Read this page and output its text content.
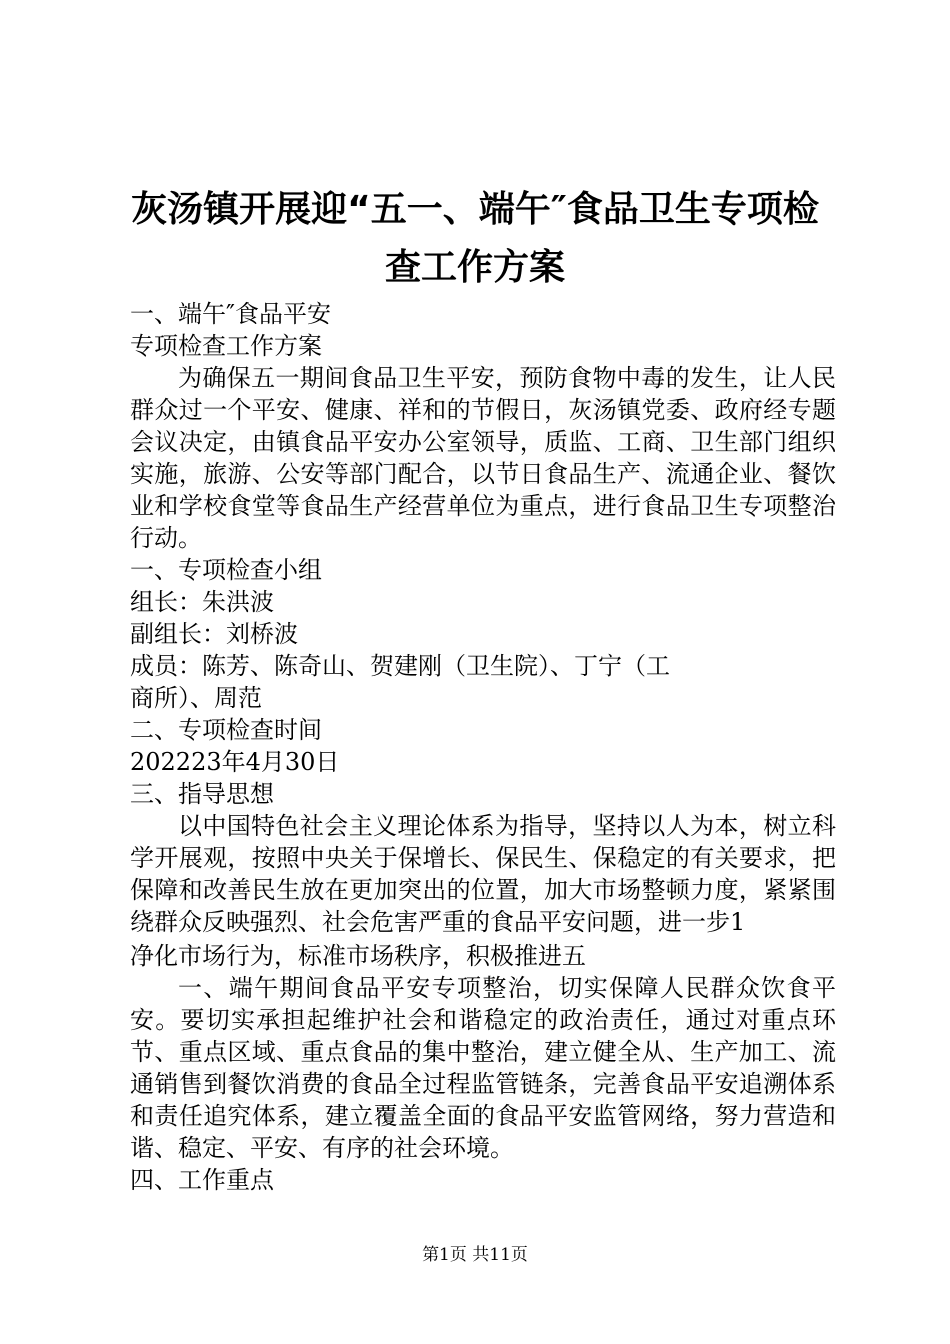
灰汤镇开展迎“五一、端午″食品卫生专项检
查工作方案

一、端午″食品平安

专项检查工作方案

为确保五一期间食品卫生平安，预防食物中毒的发生，让人民群众过一个平安、健康、祥和的节假日，灰汤镇党委、政府经专题会议决定，由镇食品平安办公室领导，质监、工商、卫生部门组织实施，旅游、公安等部门配合，以节日食品生产、流通企业、餐饮业和学校食堂等食品生产经营单位为重点，进行食品卫生专项整治行动。

一、专项检查小组

组长：朱洪波

副组长：刘桥波

成员：陈芳、陈奇山、贺建刚（卫生院）、丁宁（工

商所）、周范

二、专项检查时间

202223年4月30日

三、指导思想

以中国特色社会主义理论体系为指导，坚持以人为本，树立科学开展观，按照中央关于保增长、保民生、保稳定的有关要求，把保障和改善民生放在更加突出的位置，加大市场整顿力度，紧紧围绕群众反映强烈、社会危害严重的食品平安问题，进一步1

净化市场行为，标准市场秩序，积极推进五

一、端午期间食品平安专项整治，切实保障人民群众饮食平安。要切实承担起维护社会和谐稳定的政治责任，通过对重点环节、重点区域、重点食品的集中整治，建立健全从、生产加工、流通销售到餐饮消费的食品全过程监管链条，完善食品平安追溯体系和责任追究体系，建立覆盖全面的食品平安监管网络，努力营造和谐、稳定、平安、有序的社会环境。

四、工作重点

第1页 共11页
